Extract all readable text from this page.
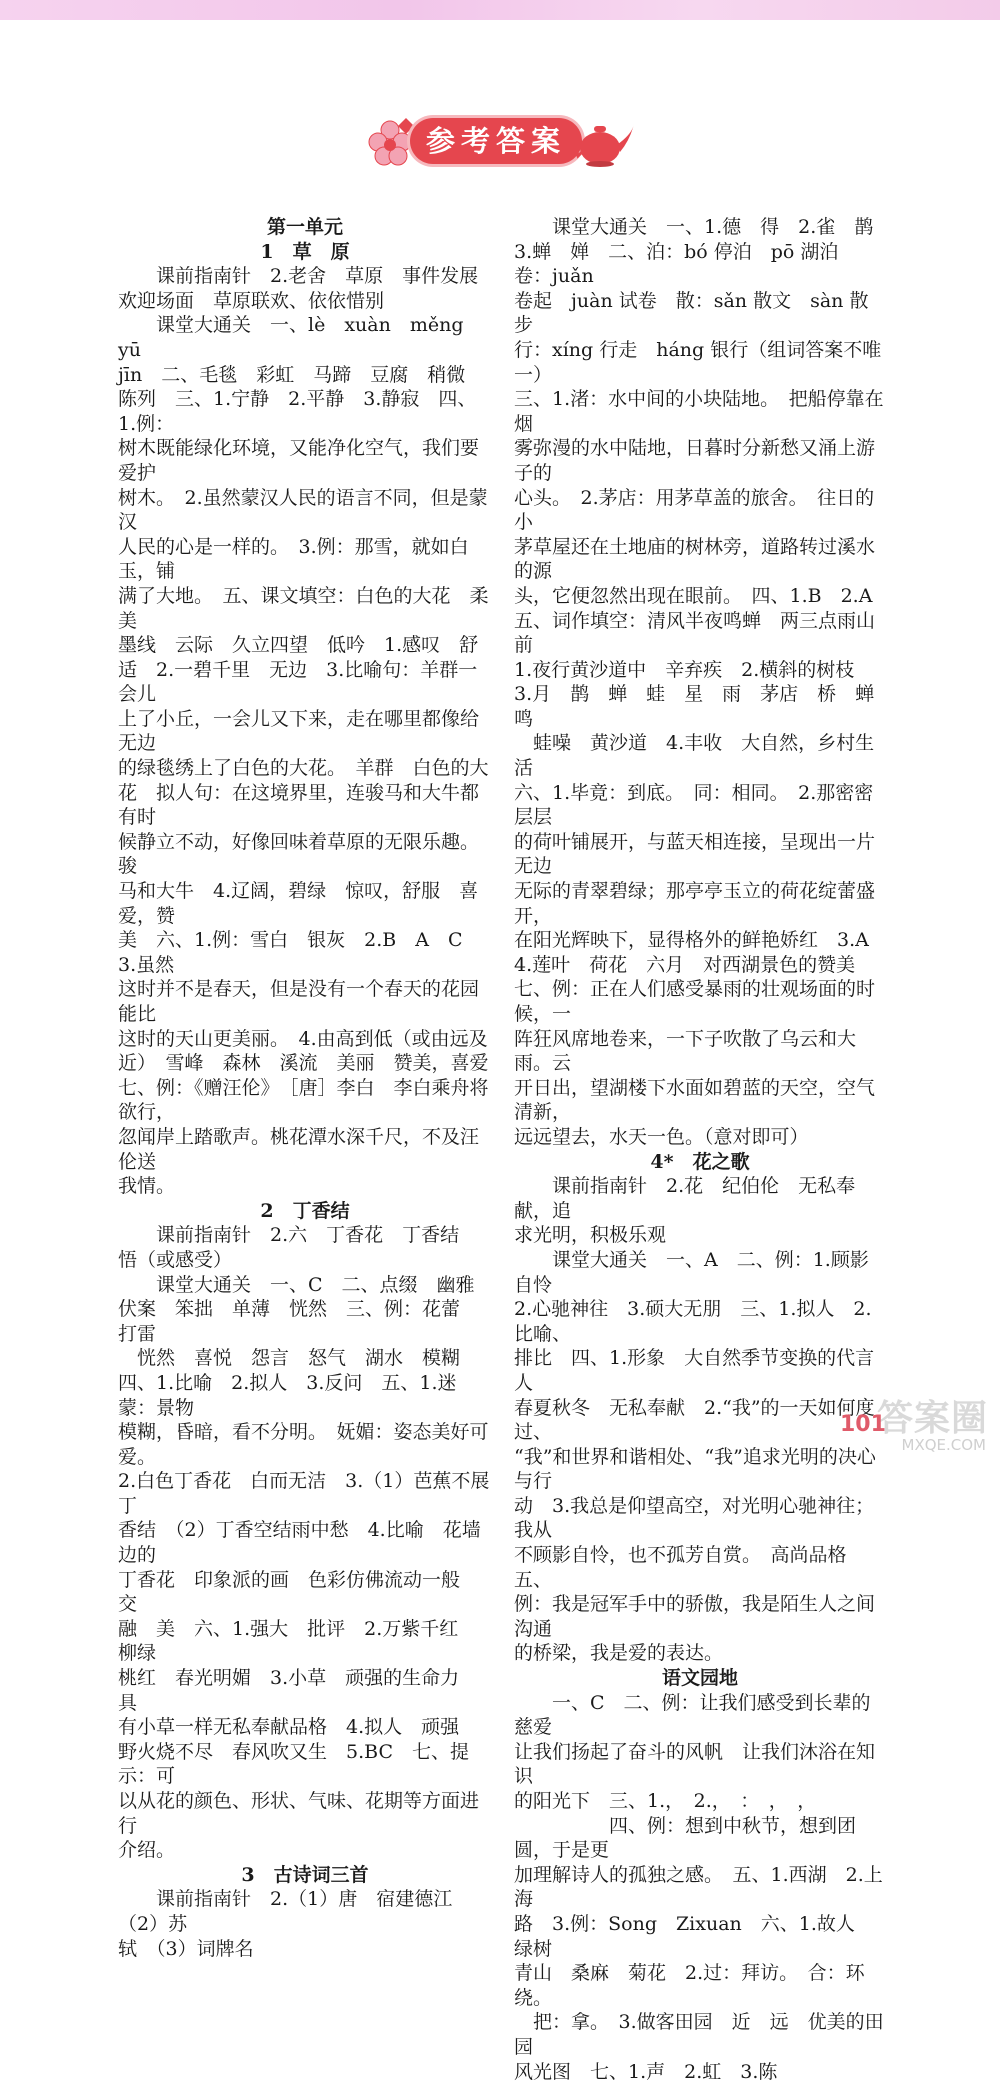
参考答案

第一单元

1　草　原

　　课前指南针　2.老舍　草原　事件发展

欢迎场面　草原联欢、依依惜别

　　课堂大通关　一、lè　xuàn　měng　yū

jīn　二、毛毯　彩虹　马蹄　豆腐　稍微

陈列　三、1.宁静　2.平静　3.静寂　四、1.例：

树木既能绿化环境，又能净化空气，我们要爱护

树木。　2.虽然蒙汉人民的语言不同，但是蒙汉

人民的心是一样的。　3.例：那雪，就如白玉，铺

满了大地。　五、课文填空：白色的大花　柔美

墨线　云际　久立四望　低吟　1.感叹　舒

适　2.一碧千里　无边　3.比喻句：羊群一会儿

上了小丘，一会儿又下来，走在哪里都像给无边

的绿毯绣上了白色的大花。　羊群　白色的大

花　拟人句：在这境界里，连骏马和大牛都有时

候静立不动，好像回味着草原的无限乐趣。　骏

马和大牛　4.辽阔，碧绿　惊叹，舒服　喜爱，赞

美　六、1.例：雪白　银灰　2.B　A　C　3.虽然

这时并不是春天，但是没有一个春天的花园能比

这时的天山更美丽。　4.由高到低（或由远及

近）　雪峰　森林　溪流　美丽　赞美，喜爱

七、例：《赠汪伦》　［唐］李白　李白乘舟将欲行，

忽闻岸上踏歌声。桃花潭水深千尺，不及汪伦送

我情。

2　丁香结

　　课前指南针　2.六　丁香花　丁香结

悟（或感受）

　　课堂大通关　一、C　二、点缀　幽雅

伏案　笨拙　单薄　恍然　三、例：花蕾　打雷

　恍然　喜悦　怨言　怒气　湖水　模糊

四、1.比喻　2.拟人　3.反问　五、1.迷蒙：景物

模糊，昏暗，看不分明。　妩媚：姿态美好可爱。

2.白色丁香花　白而无洁　3.（1）芭蕉不展丁

香结　（2）丁香空结雨中愁　4.比喻　花墙边的

丁香花　印象派的画　色彩仿佛流动一般　交

融　美　六、1.强大　批评　2.万紫千红　柳绿

桃红　春光明媚　3.小草　顽强的生命力　具

有小草一样无私奉献品格　4.拟人　顽强

野火烧不尽　春风吹又生　5.BC　七、提示：可

以从花的颜色、形状、气味、花期等方面进行

介绍。

3　古诗词三首

　　课前指南针　2.（1）唐　宿建德江　（2）苏

轼　（3）词牌名

　　课堂大通关　一、1.德　得　2.雀　鹊

3.蝉　婵　二、泊：bó 停泊　pō 湖泊　卷：juǎn

卷起　juàn 试卷　散：sǎn 散文　sàn 散步

行：xíng 行走　háng 银行（组词答案不唯一）

三、1.渚：水中间的小块陆地。　把船停靠在烟

雾弥漫的水中陆地，日暮时分新愁又涌上游子的

心头。　2.茅店：用茅草盖的旅舍。　往日的小

茅草屋还在土地庙的树林旁，道路转过溪水的源

头，它便忽然出现在眼前。　四、1.B　2.A

五、词作填空：清风半夜鸣蝉　两三点雨山前

1.夜行黄沙道中　辛弃疾　2.横斜的树枝

3.月　鹊　蝉　蛙　星　雨　茅店　桥　蝉鸣

　蛙噪　黄沙道　4.丰收　大自然，乡村生活

六、1.毕竟：到底。　同：相同。　2.那密密层层

的荷叶铺展开，与蓝天相连接，呈现出一片无边

无际的青翠碧绿；那亭亭玉立的荷花绽蕾盛开，

在阳光辉映下，显得格外的鲜艳娇红　3.A

4.莲叶　荷花　六月　对西湖景色的赞美

七、例：正在人们感受暴雨的壮观场面的时候，一

阵狂风席地卷来，一下子吹散了乌云和大雨。云

开日出，望湖楼下水面如碧蓝的天空，空气清新，

远远望去，水天一色。（意对即可）

4*　花之歌

　　课前指南针　2.花　纪伯伦　无私奉献，追

求光明，积极乐观

　　课堂大通关　一、A　二、例：1.顾影自怜

2.心驰神往　3.硕大无朋　三、1.拟人　2.比喻、

排比　四、1.形象　大自然季节变换的代言人

春夏秋冬　无私奉献　2.“我”的一天如何度过、

“我”和世界和谐相处、“我”追求光明的决心与行

动　3.我总是仰望高空，对光明心驰神往；我从

不顾影自怜，也不孤芳自赏。　高尚品格　五、

例：我是冠军手中的骄傲，我是陌生人之间沟通

的桥梁，我是爱的表达。

语文园地

　　一、C　二、例：让我们感受到长辈的慈爱

让我们扬起了奋斗的风帆　让我们沐浴在知识

的阳光下　三、1.，　2.，　：　，　，

　　　　　四、例：想到中秋节，想到团圆，于是更

加理解诗人的孤独之感。　五、1.西湖　2.上海

路　3.例：Song　Zixuan　六、1.故人　绿树

青山　桑麻　菊花　2.过：拜访。　合：环绕。

　把：拿。　3.做客田园　近　远　优美的田园

风光图　七、1.声　2.虹　3.陈

答案圈
MXQE.COM
101
